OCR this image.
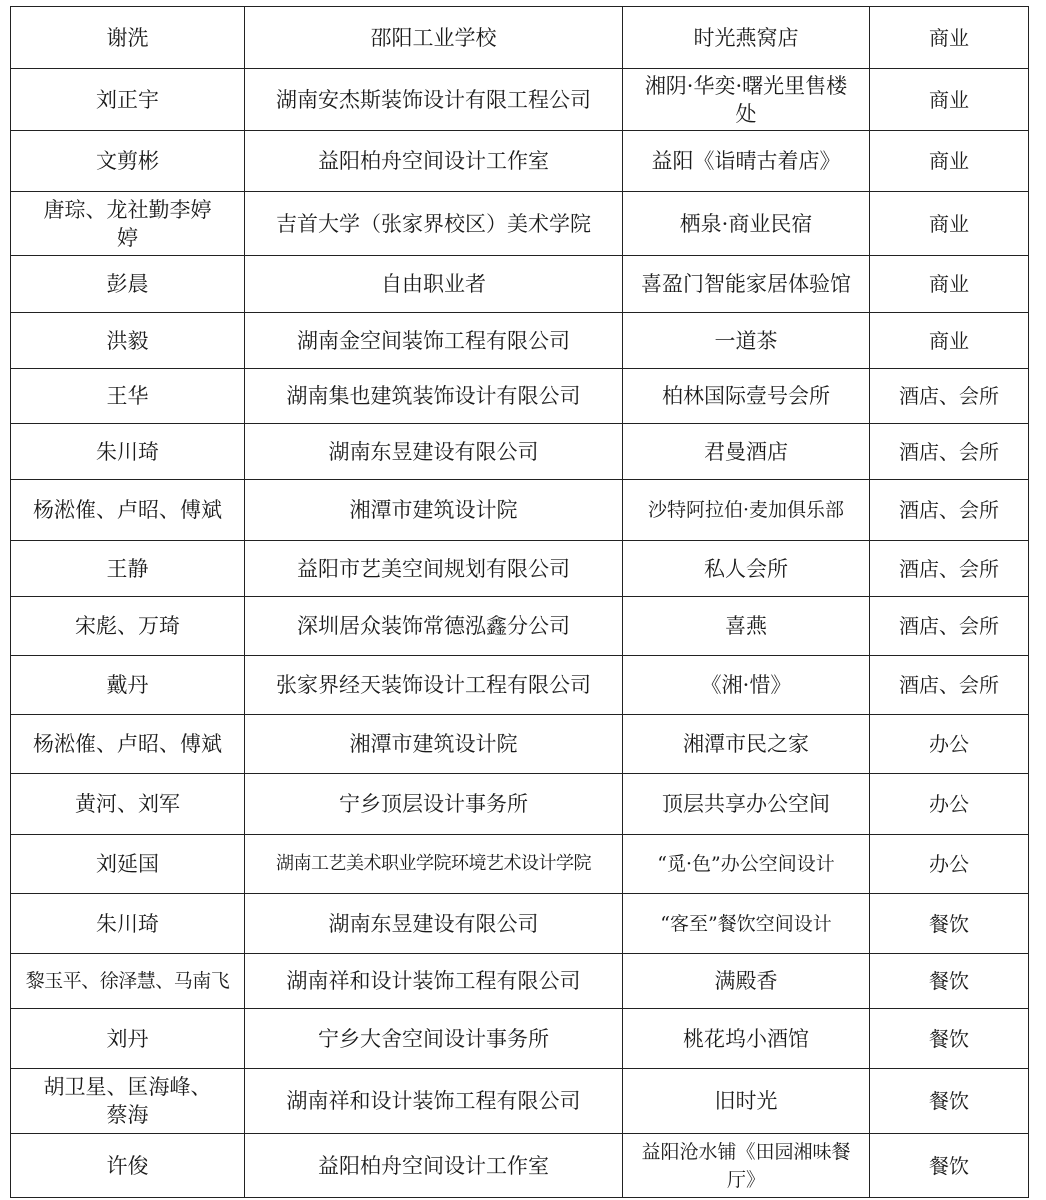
谢洗	邵阳工业学校	时光燕窝店	商业
刘正宇	湖南安杰斯装饰设计有限工程公司	湘阴·华奕·曙光里售楼处	商业
文剪彬	益阳柏舟空间设计工作室	益阳《诣晴古着店》	商业
唐琮、龙社勤李婷婷	吉首大学（张家界校区）美术学院	栖泉·商业民宿	商业
彭晨	自由职业者	喜盈门智能家居体验馆	商业
洪毅	湖南金空间装饰工程有限公司	一道茶	商业
王华	湖南集也建筑装饰设计有限公司	柏林国际壹号会所	酒店、会所
朱川琦	湖南东昱建设有限公司	君曼酒店	酒店、会所
杨淞傕、卢昭、傅斌	湘潭市建筑设计院	沙特阿拉伯·麦加俱乐部	酒店、会所
王静	益阳市艺美空间规划有限公司	私人会所	酒店、会所
宋彪、万琦	深圳居众装饰常德泓鑫分公司	喜燕	酒店、会所
戴丹	张家界经天装饰设计工程有限公司	《湘·惜》	酒店、会所
杨淞傕、卢昭、傅斌	湘潭市建筑设计院	湘潭市民之家	办公
黄河、刘军	宁乡顶层设计事务所	顶层共享办公空间	办公
刘延国	湖南工艺美术职业学院环境艺术设计学院	“觅·色”办公空间设计	办公
朱川琦	湖南东昱建设有限公司	“客至”餐饮空间设计	餐饮
黎玉平、徐泽慧、马南飞	湖南祥和设计装饰工程有限公司	满殿香	餐饮
刘丹	宁乡大舍空间设计事务所	桃花坞小酒馆	餐饮
胡卫星、匡海峰、蔡海	湖南祥和设计装饰工程有限公司	旧时光	餐饮
许俊	益阳柏舟空间设计工作室	益阳沧水铺《田园湘味餐厅》	餐饮
